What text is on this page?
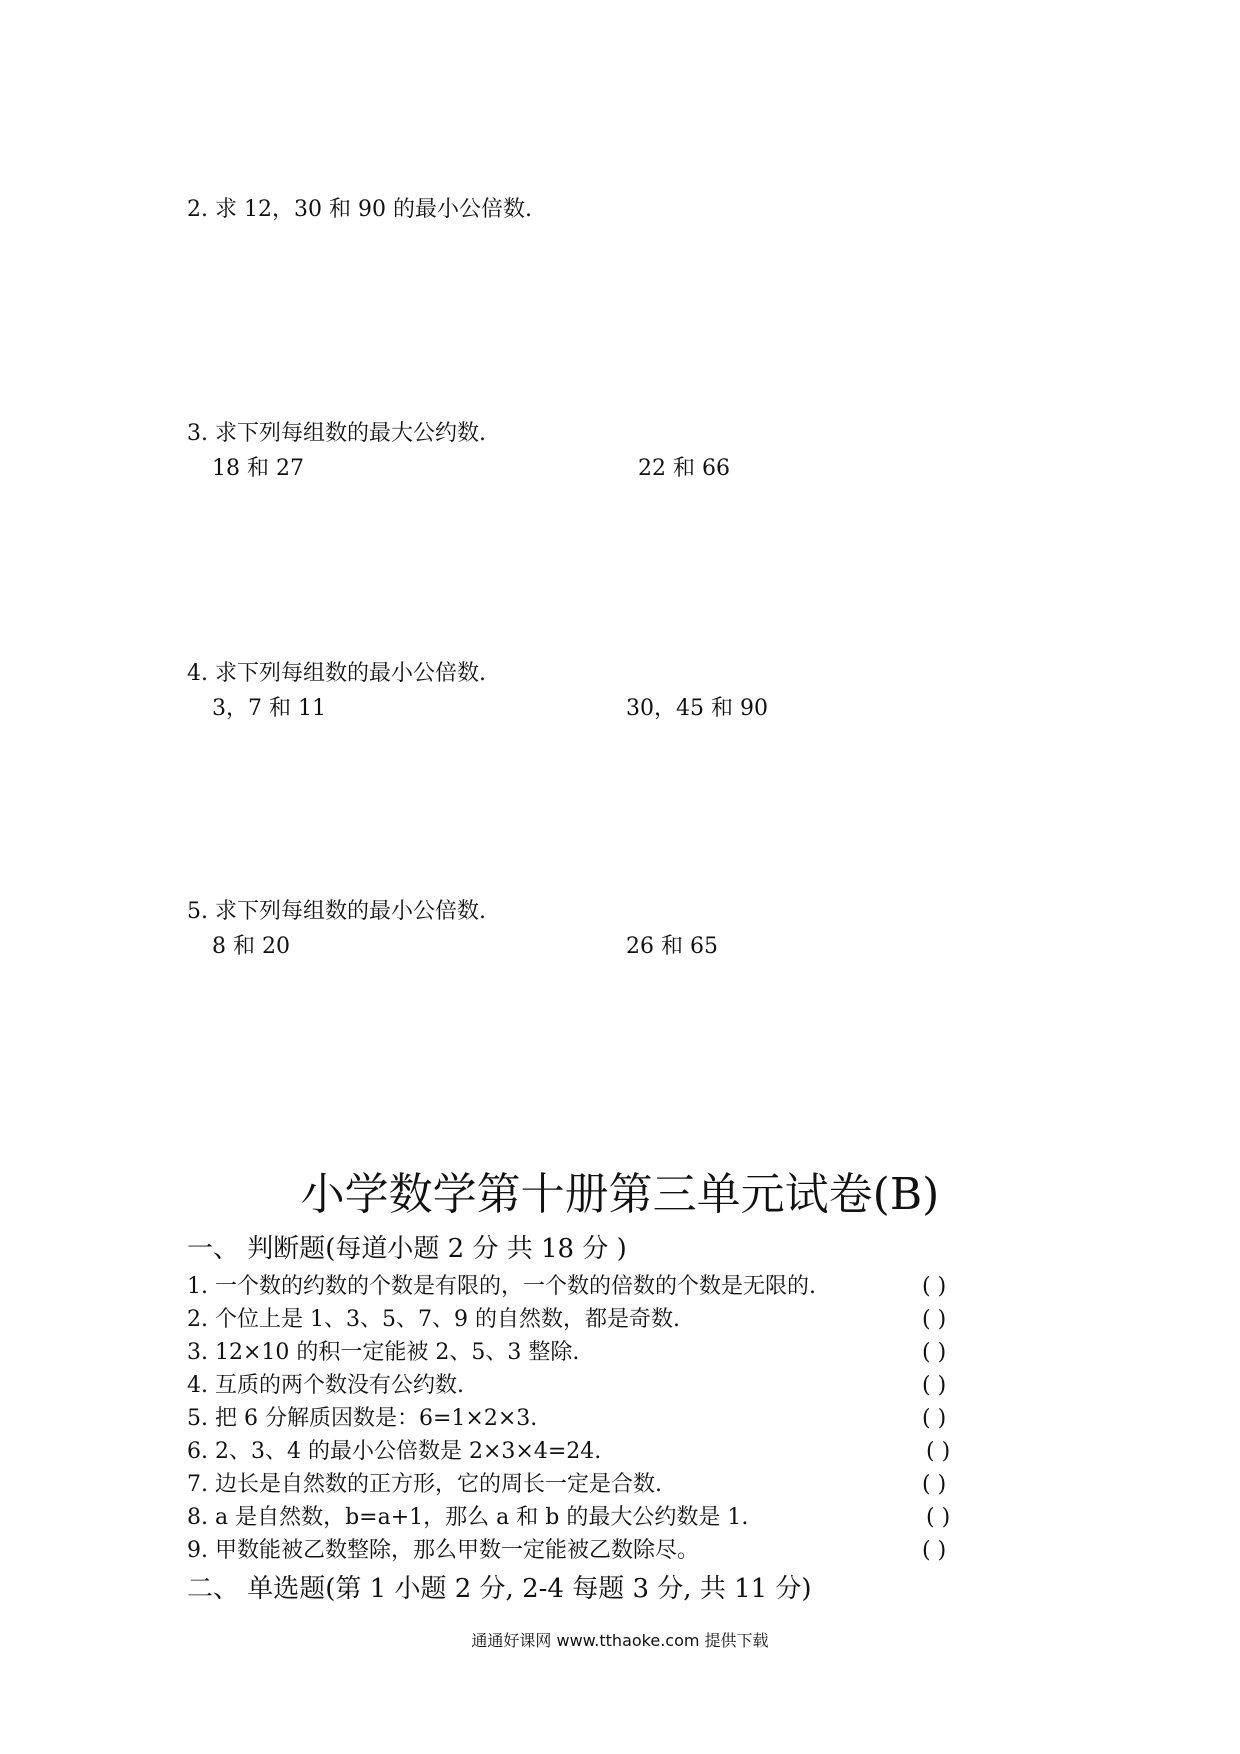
2. 求 12，30 和 90 的最小公倍数.
3. 求下列每组数的最大公约数.
18 和 27	22 和 66
4. 求下列每组数的最小公倍数.
3，7 和 11	30，45 和 90
5. 求下列每组数的最小公倍数.
8 和 20	26 和 65
小学数学第十册第三单元试卷(B)
一、 判断题(每道小题 2 分 共 18 分 )
1. 一个数的约数的个数是有限的，一个数的倍数的个数是无限的.	( )
2. 个位上是 1、3、5、7、9 的自然数，都是奇数.	( )
3. 12×10 的积一定能被 2、5、3 整除.	( )
4. 互质的两个数没有公约数.	( )
5. 把 6 分解质因数是：6=1×2×3.	( )
6. 2、3、4 的最小公倍数是 2×3×4=24.	( )
7. 边长是自然数的正方形，它的周长一定是合数.	( )
8. a 是自然数，b=a+1，那么 a 和 b 的最大公约数是 1.	( )
9. 甲数能被乙数整除，那么甲数一定能被乙数除尽。	( )
二、 单选题(第 1 小题 2 分, 2-4 每题 3 分, 共 11 分)
通通好课网 www.tthaoke.com 提供下载
